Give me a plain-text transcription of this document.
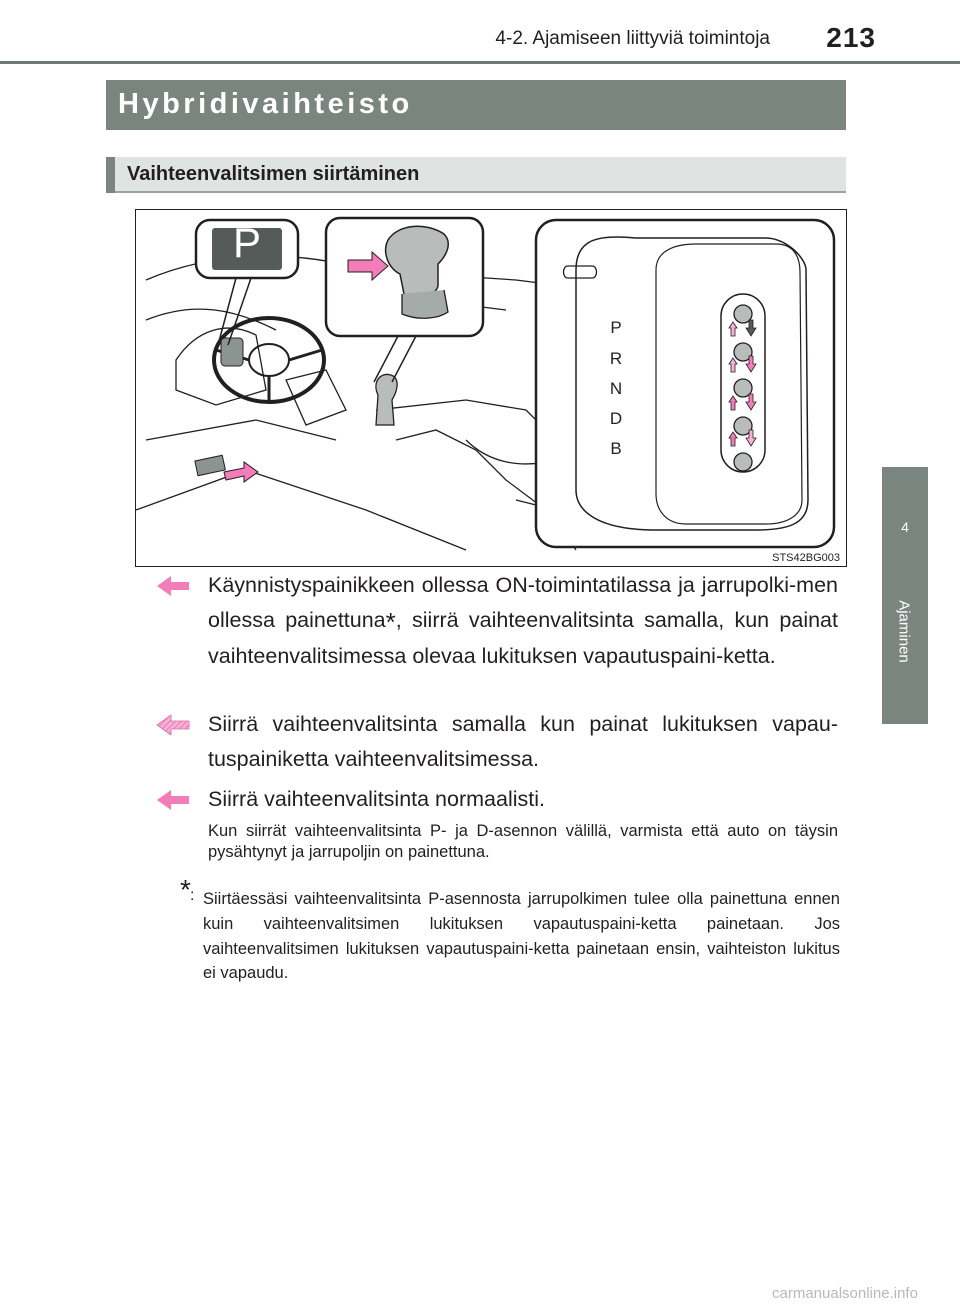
4-2. Ajamiseen liittyviä toimintoja 213
Hybridivaihteisto
Vaihteenvalitsimen siirtäminen
4
Ajaminen
P
P
R
N
D
B
STS42BG003
Käynnistyspainikkeen ollessa ON-toimintatilassa ja jarrupolki-men ollessa painettuna*, siirrä vaihteenvalitsinta samalla, kun painat vaihteenvalitsimessa olevaa lukituksen vapautuspaini-ketta.
Siirrä vaihteenvalitsinta samalla kun painat lukituksen vapau-tuspainiketta vaihteenvalitsimessa.
Siirrä vaihteenvalitsinta normaalisti.
Kun siirrät vaihteenvalitsinta P- ja D-asennon välillä, varmista että auto on täysin pysähtynyt ja jarrupoljin on painettuna.
* : Siirtäessäsi vaihteenvalitsinta P-asennosta jarrupolkimen tulee olla painettuna ennen kuin vaihteenvalitsimen lukituksen vapautuspaini-ketta painetaan. Jos vaihteenvalitsimen lukituksen vapautuspaini-ketta painetaan ensin, vaihteiston lukitus ei vapaudu.
carmanualsonline.info
